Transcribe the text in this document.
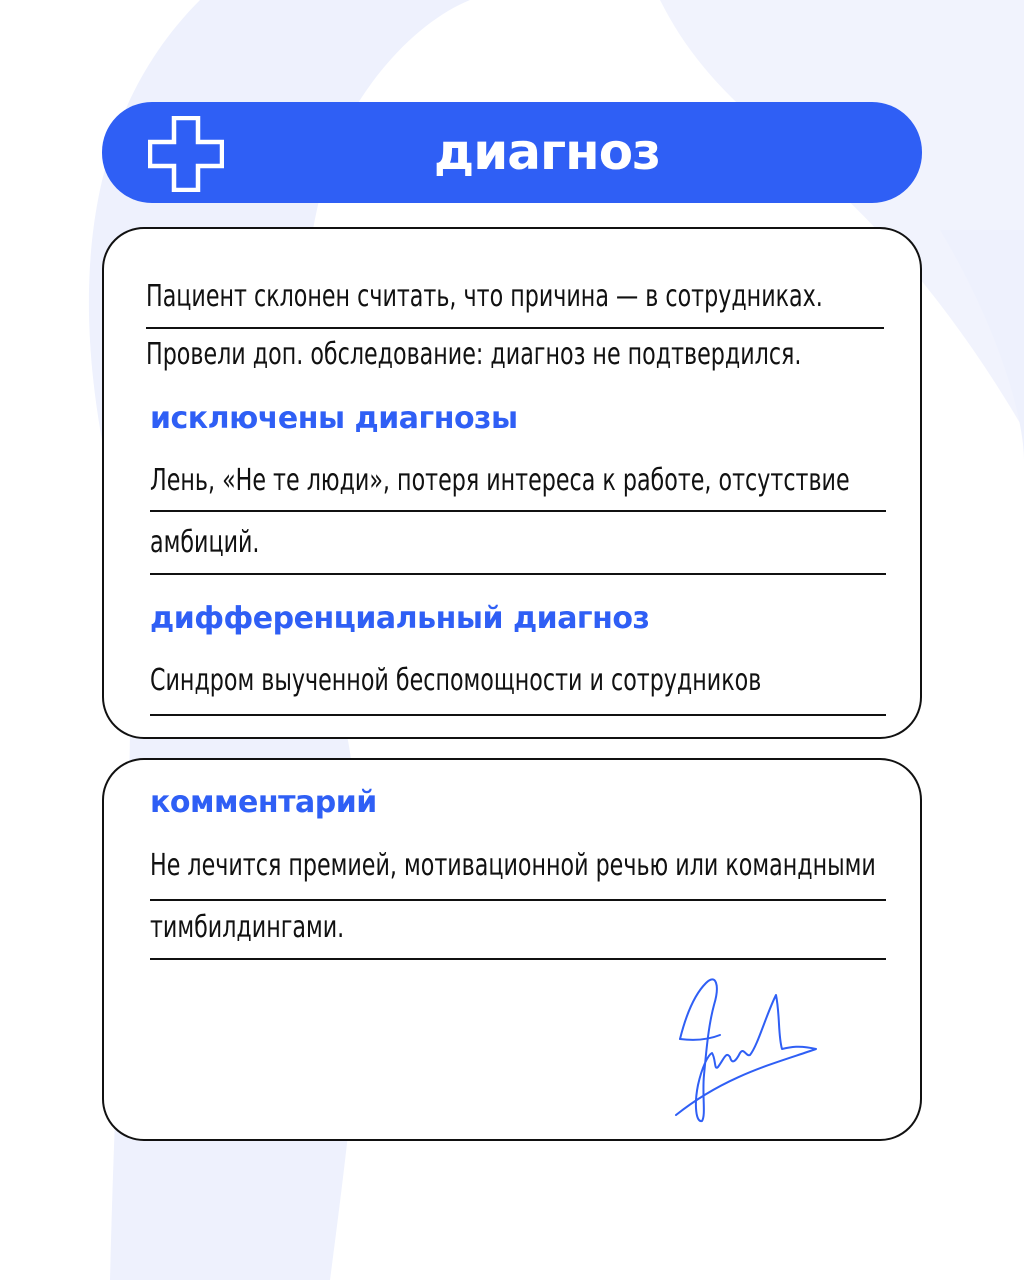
диагноз
Пациент склонен считать, что причина — в сотрудниках.
Провели доп. обследование: диагноз не подтвердился.
исключены диагнозы
Лень, «Не те люди», потеря интереса к работе, отсутствие
амбиций.
дифференциальный диагноз
Синдром выученной беспомощности и сотрудников
комментарий
Не лечится премией, мотивационной речью или командными
тимбилдингами.
